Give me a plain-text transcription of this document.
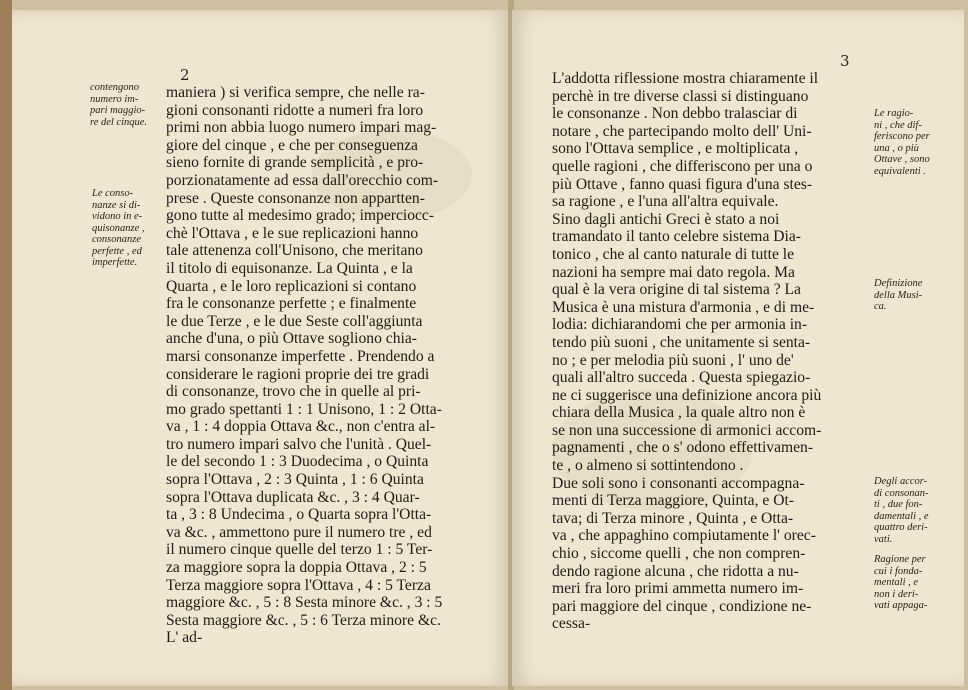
2
contengono
numero im-
pari maggio-
re del cinque.
Le conso-
nanze si di-
vidono in e-
quisonanze ,
consonanze
perfette , ed
imperfette.
maniera ) si verifica sempre, che nelle ra-
gioni consonanti ridotte a numeri fra loro
primi non abbia luogo numero impari mag-
giore del cinque , e che per conseguenza
sieno fornite di grande semplicità , e pro-
porzionatamente ad essa dall'orecchio com-
prese . Queste consonanze non appartten-
gono tutte al medesimo grado; imperciocc-
chè l'Ottava , e le sue replicazioni hanno
tale attenenza coll'Unisono, che meritano
il titolo di equisonanze. La Quinta , e la
Quarta , e le loro replicazioni si contano
fra le consonanze perfette ; e finalmente
le due Terze , e le due Seste coll'aggiunta
anche d'una, o più Ottave sogliono chia-
marsi consonanze imperfette . Prendendo a
considerare le ragioni proprie dei tre gradi
di consonanze, trovo che in quelle al pri-
mo grado spettanti 1 : 1 Unisono, 1 : 2 Otta-
va , 1 : 4 doppia Ottava &c., non c'entra al-
tro numero impari salvo che l'unità . Quel-
le del secondo 1 : 3 Duodecima , o Quinta
sopra l'Ottava , 2 : 3 Quinta , 1 : 6 Quinta
sopra l'Ottava duplicata &c. , 3 : 4 Quar-
ta , 3 : 8 Undecima , o Quarta sopra l'Otta-
va &c. , ammettono pure il numero tre , ed
il numero cinque quelle del terzo 1 : 5 Ter-
za maggiore sopra la doppia Ottava , 2 : 5
Terza maggiore sopra l'Ottava , 4 : 5 Terza
maggiore &c. , 5 : 8 Sesta minore &c. , 3 : 5
Sesta maggiore &c. , 5 : 6 Terza minore &c.
L' ad-
3
L'addotta riflessione mostra chiaramente il
perchè in tre diverse classi si distinguano
le consonanze . Non debbo tralasciar di
notare , che partecipando molto dell' Uni-
sono l'Ottava semplice , e moltiplicata ,
quelle ragioni , che differiscono per una o
più Ottave , fanno quasi figura d'una stes-
sa ragione , e l'una all'altra equivale.
Sino dagli antichi Greci è stato a noi
tramandato il tanto celebre sistema Dia-
tonico , che al canto naturale di tutte le
nazioni ha sempre mai dato regola. Ma
qual è la vera origine di tal sistema ? La
Musica è una mistura d'armonia , e di me-
lodia: dichiarandomi che per armonia in-
tendo più suoni , che unitamente si senta-
no ; e per melodia più suoni , l' uno de'
quali all'altro succeda . Questa spiegazio-
ne ci suggerisce una definizione ancora più
chiara della Musica , la quale altro non è
se non una successione di armonici accom-
pagnamenti , che o s' odono effettivamen-
te , o almeno si sottintendono .
Due soli sono i consonanti accompagna-
menti di Terza maggiore, Quinta, e Ot-
tava; di Terza minore , Quinta , e Otta-
va , che appaghino compiutamente l' orec-
chio , siccome quelli , che non compren-
dendo ragione alcuna , che ridotta a nu-
meri fra loro primi ammetta numero im-
pari maggiore del cinque , condizione ne-
cessa-
Le ragio-
ni , che dif-
feriscono per
una , o più
Ottave , sono
equivalenti .
Definizione
della Musi-
ca.
Degli accor-
di consonan-
ti , due fon-
damentali , e
quattro deri-
vati.
Ragione per
cui i fonda-
mentali , e
non i deri-
vati appaga-
